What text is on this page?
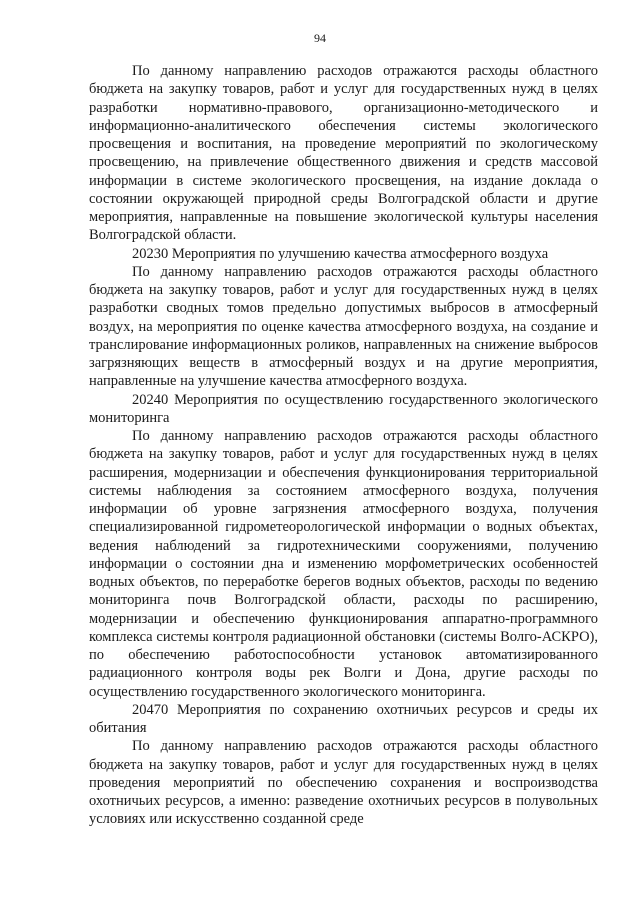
94

По данному направлению расходов отражаются расходы областного бюджета на закупку товаров, работ и услуг для государственных нужд в целях разработки нормативно-правового, организационно-методического и информационно-аналитического обеспечения системы экологического просвещения и воспитания, на проведение мероприятий по экологическому просвещению, на привлечение общественного движения и средств массовой информации в системе экологического просвещения, на издание доклада о состоянии окружающей природной среды Волгоградской области и другие мероприятия, направленные на повышение экологической культуры населения Волгоградской области.

20230 Мероприятия по улучшению качества атмосферного воздуха

По данному направлению расходов отражаются расходы областного бюджета на закупку товаров, работ и услуг для государственных нужд в целях разработки сводных томов предельно допустимых выбросов в атмосферный воздух, на мероприятия по оценке качества атмосферного воздуха, на создание и транслирование информационных роликов, направленных на снижение выбросов загрязняющих веществ в атмосферный воздух и на другие мероприятия, направленные на улучшение качества атмосферного воздуха.

20240 Мероприятия по осуществлению государственного экологического мониторинга

По данному направлению расходов отражаются расходы областного бюджета на закупку товаров, работ и услуг для государственных нужд в целях расширения, модернизации и обеспечения функционирования территориальной системы наблюдения за состоянием атмосферного воздуха, получения информации об уровне загрязнения атмосферного воздуха, получения специализированной гидрометеорологической информации о водных объектах, ведения наблюдений за гидротехническими сооружениями, получению информации о состоянии дна и изменению морфометрических особенностей водных объектов, по переработке берегов водных объектов, расходы по ведению мониторинга почв Волгоградской области, расходы по расширению, модернизации и обеспечению функционирования аппаратно-программного комплекса системы контроля радиационной обстановки (системы Волго-АСКРО), по обеспечению работоспособности установок автоматизированного радиационного контроля воды рек Волги и Дона, другие расходы по осуществлению государственного экологического мониторинга.

20470 Мероприятия по сохранению охотничьих ресурсов и среды их обитания

По данному направлению расходов отражаются расходы областного бюджета на закупку товаров, работ и услуг для государственных нужд в целях проведения мероприятий по обеспечению сохранения и воспроизводства охотничьих ресурсов, а именно: разведение охотничьих ресурсов в полувольных условиях или искусственно созданной среде
